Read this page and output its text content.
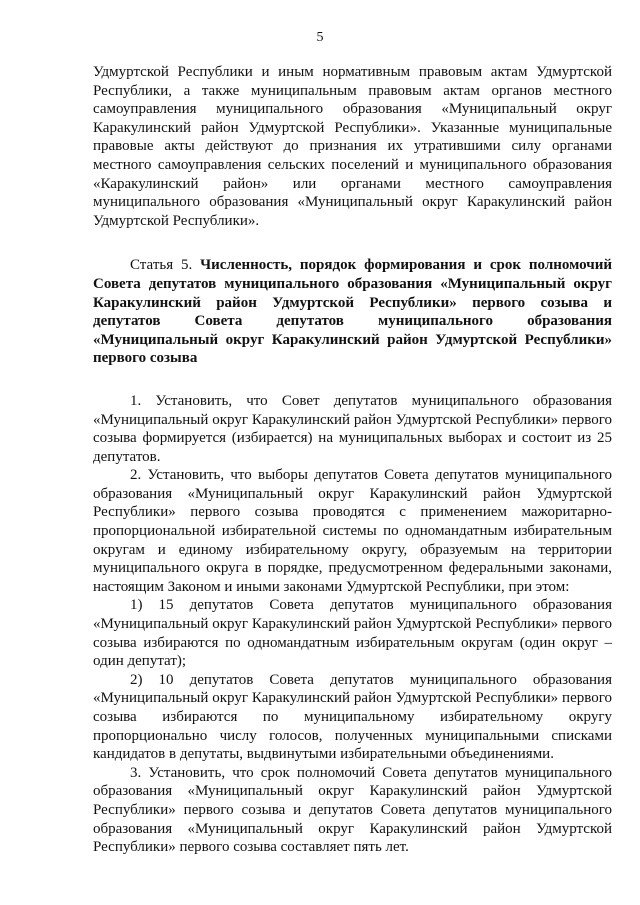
5

Удмуртской Республики и иным нормативным правовым актам Удмуртской Республики, а также муниципальным правовым актам органов местного самоуправления муниципального образования «Муниципальный округ Каракулинский район Удмуртской Республики». Указанные муниципальные правовые акты действуют до признания их утратившими силу органами местного самоуправления сельских поселений и муниципального образования «Каракулинский район» или органами местного самоуправления муниципального образования «Муниципальный округ Каракулинский район Удмуртской Республики».

Статья 5. Численность, порядок формирования и срок полномочий Совета депутатов муниципального образования «Муниципальный округ Каракулинский район Удмуртской Республики» первого созыва и депутатов Совета депутатов муниципального образования «Муниципальный округ Каракулинский район Удмуртской Республики» первого созыва

1. Установить, что Совет депутатов муниципального образования «Муниципальный округ Каракулинский район Удмуртской Республики» первого созыва формируется (избирается) на муниципальных выборах и состоит из 25 депутатов.

2. Установить, что выборы депутатов Совета депутатов муниципального образования «Муниципальный округ Каракулинский район Удмуртской Республики» первого созыва проводятся с применением мажоритарно-пропорциональной избирательной системы по одномандатным избирательным округам и единому избирательному округу, образуемым на территории муниципального округа в порядке, предусмотренном федеральными законами, настоящим Законом и иными законами Удмуртской Республики, при этом:

1) 15 депутатов Совета депутатов муниципального образования «Муниципальный округ Каракулинский район Удмуртской Республики» первого созыва избираются по одномандатным избирательным округам (один округ – один депутат);

2) 10 депутатов Совета депутатов муниципального образования «Муниципальный округ Каракулинский район Удмуртской Республики» первого созыва избираются по муниципальному избирательному округу пропорционально числу голосов, полученных муниципальными списками кандидатов в депутаты, выдвинутыми избирательными объединениями.

3. Установить, что срок полномочий Совета депутатов муниципального образования «Муниципальный округ Каракулинский район Удмуртской Республики» первого созыва и депутатов Совета депутатов муниципального образования «Муниципальный округ Каракулинский район Удмуртской Республики» первого созыва составляет пять лет.
